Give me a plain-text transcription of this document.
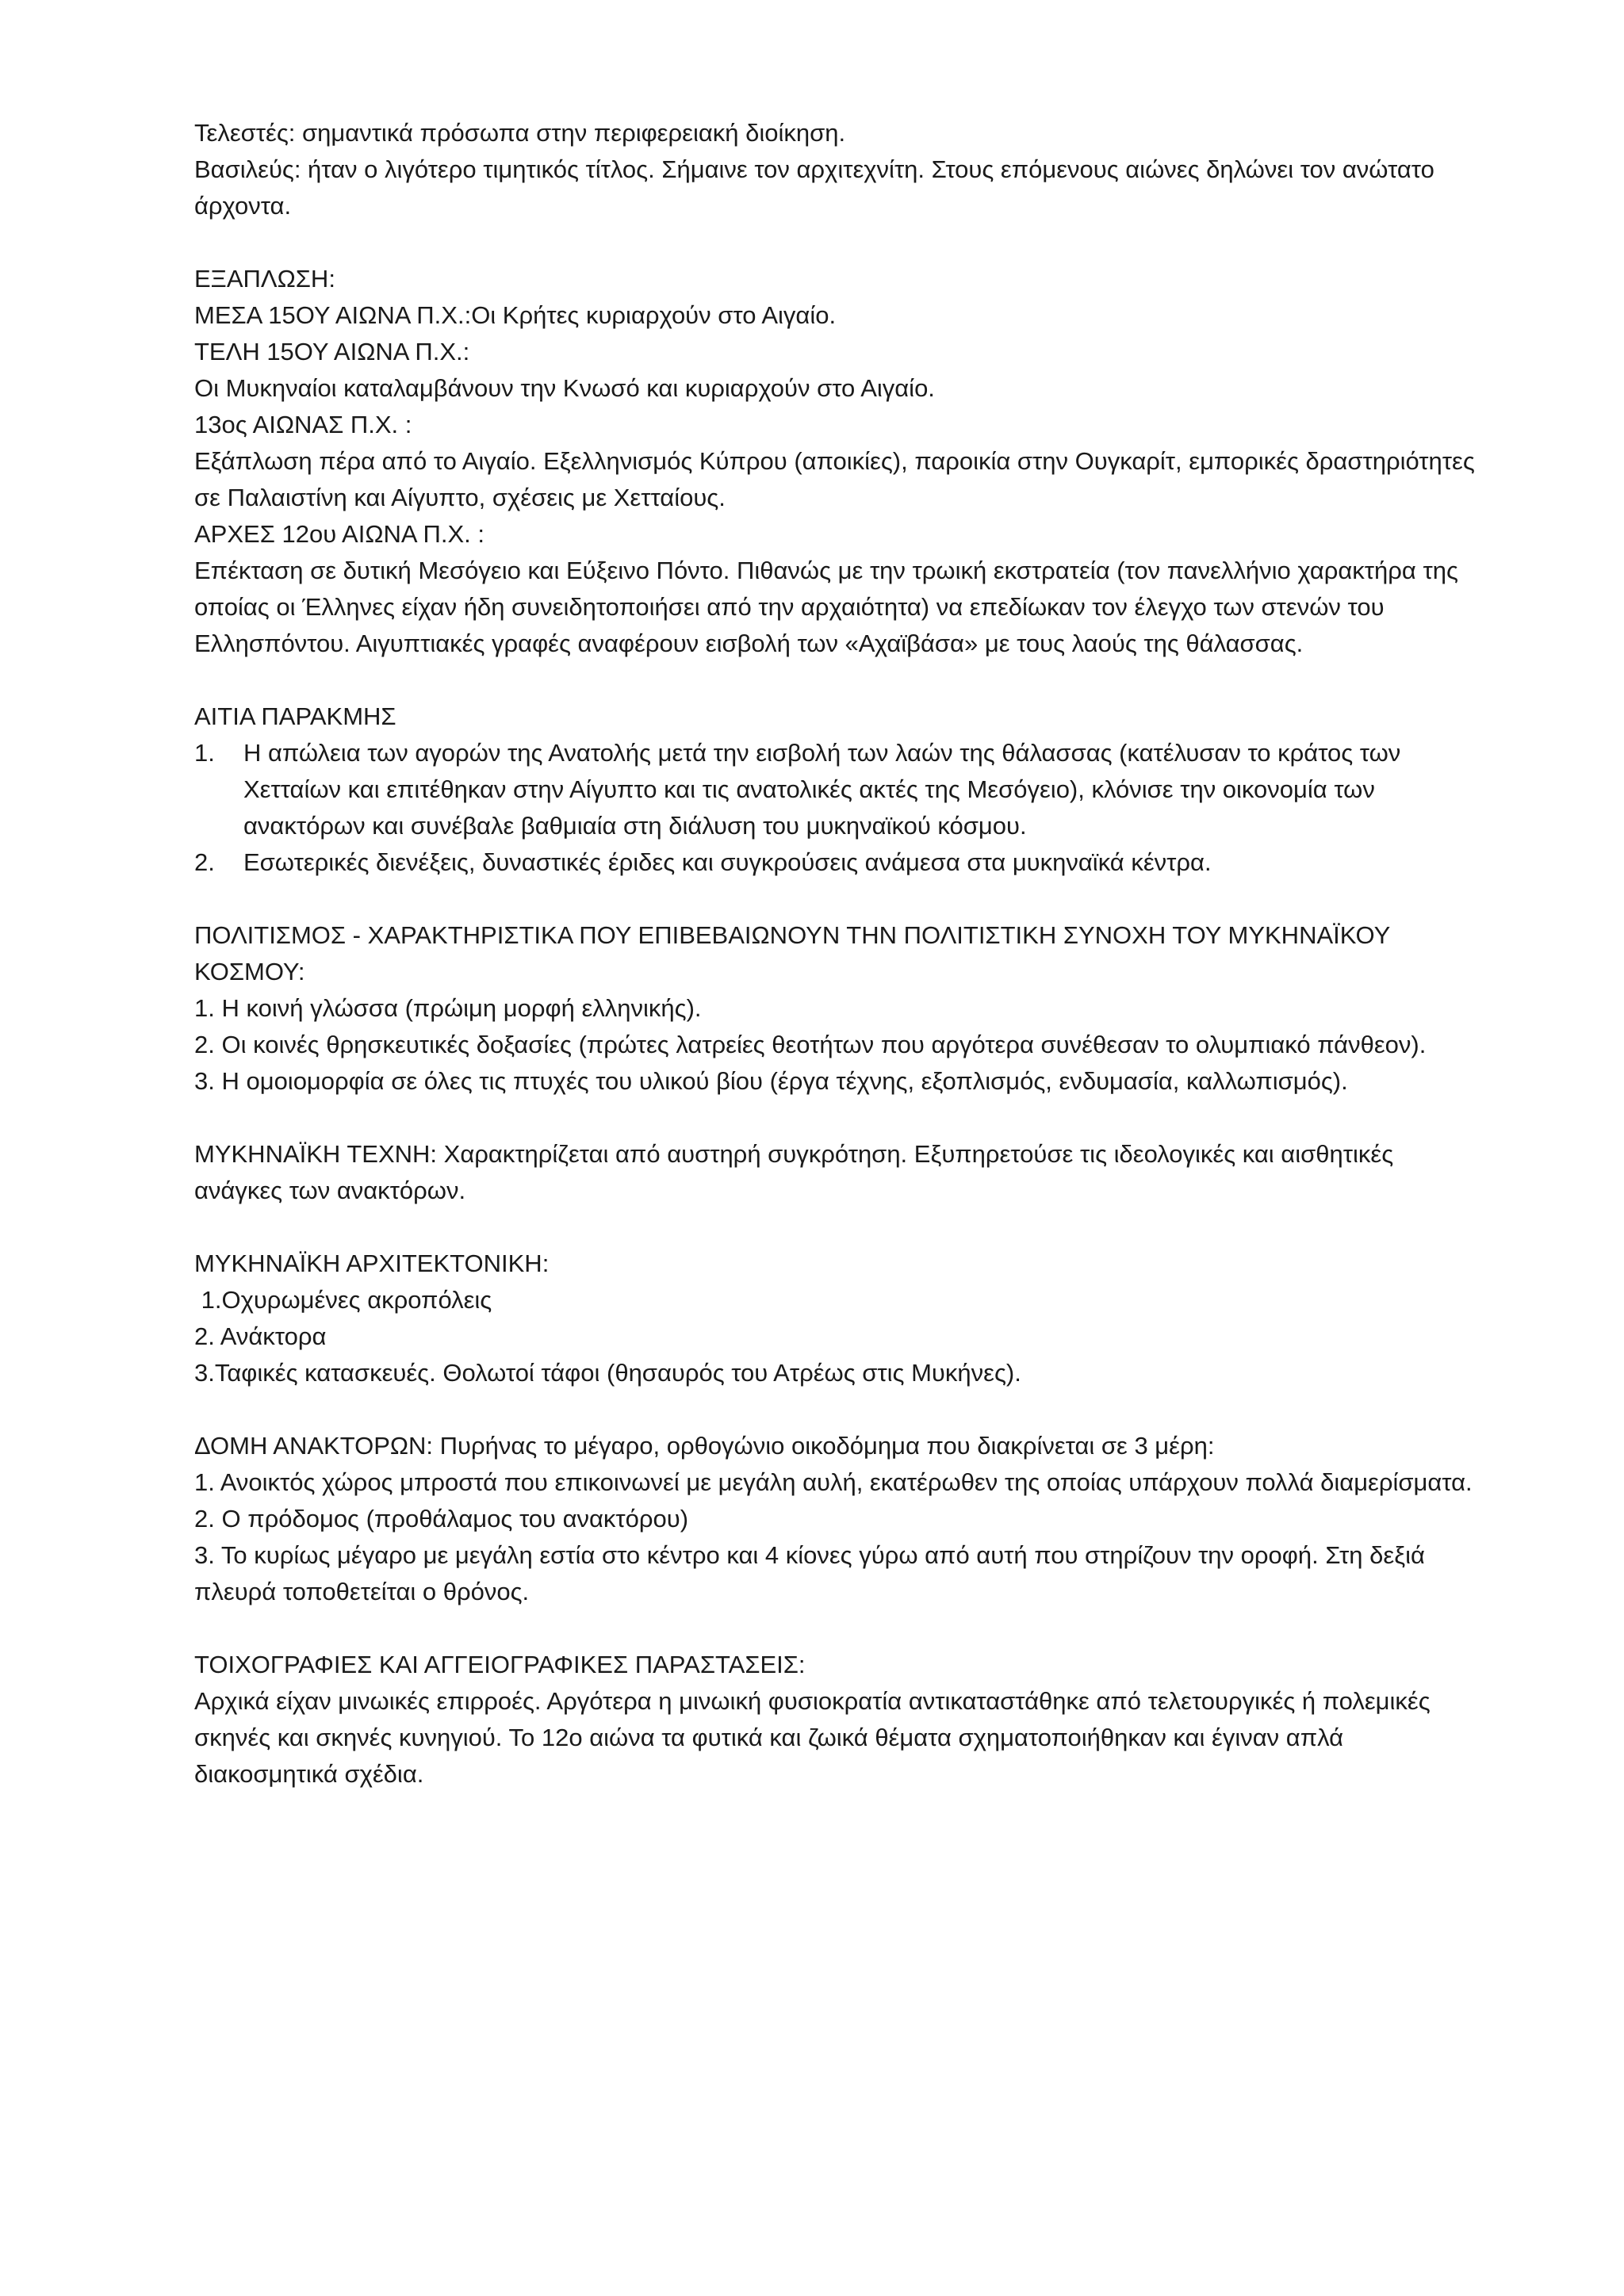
Τελεστές: σημαντικά πρόσωπα στην περιφερειακή διοίκηση.

Βασιλεύς: ήταν ο λιγότερο τιμητικός τίτλος. Σήμαινε τον αρχιτεχνίτη. Στους επόμενους αιώνες δηλώνει τον ανώτατο άρχοντα.

ΕΞΑΠΛΩΣΗ:

ΜΕΣΑ 15ΟΥ ΑΙΩΝΑ Π.Χ.:Οι Κρήτες κυριαρχούν στο Αιγαίο.

ΤΕΛΗ 15ΟΥ ΑΙΩΝΑ Π.Χ.:

Οι Μυκηναίοι καταλαμβάνουν την Κνωσό και κυριαρχούν στο Αιγαίο.

13ος ΑΙΩΝΑΣ Π.Χ. :

Εξάπλωση πέρα από το Αιγαίο. Εξελληνισμός Κύπρου (αποικίες), παροικία στην Ουγκαρίτ, εμπορικές δραστηριότητες σε Παλαιστίνη και Αίγυπτο, σχέσεις με Χετταίους.

ΑΡΧΕΣ 12ου ΑΙΩΝΑ Π.Χ. :

Επέκταση σε δυτική Μεσόγειο και Εύξεινο Πόντο. Πιθανώς με την τρωική εκστρατεία (τον πανελλήνιο χαρακτήρα της οποίας οι Έλληνες είχαν ήδη συνειδητοποιήσει από την αρχαιότητα) να επεδίωκαν τον έλεγχο των στενών του Ελλησπόντου. Αιγυπτιακές γραφές αναφέρουν εισβολή των «Αχαϊβάσα» με τους λαούς της θάλασσας.

ΑΙΤΙΑ ΠΑΡΑΚΜΗΣ

1.	Η απώλεια των αγορών της Ανατολής μετά την εισβολή των λαών της θάλασσας (κατέλυσαν το κράτος των Χετταίων και επιτέθηκαν στην Αίγυπτο και τις ανατολικές ακτές της Μεσόγειο), κλόνισε την οικονομία των ανακτόρων και συνέβαλε βαθμιαία στη διάλυση του μυκηναϊκού κόσμου.
2.	Εσωτερικές διενέξεις, δυναστικές έριδες και συγκρούσεις ανάμεσα στα μυκηναϊκά κέντρα.

ΠΟΛΙΤΙΣΜΟΣ - ΧΑΡΑΚΤΗΡΙΣΤΙΚΑ ΠΟΥ ΕΠΙΒΕΒΑΙΩΝΟΥΝ ΤΗΝ ΠΟΛΙΤΙΣΤΙΚΗ ΣΥΝΟΧΗ ΤΟΥ ΜΥΚΗΝΑΪΚΟΥ ΚΟΣΜΟΥ:

1. Η κοινή γλώσσα (πρώιμη μορφή ελληνικής).

2. Οι κοινές θρησκευτικές δοξασίες (πρώτες λατρείες θεοτήτων που αργότερα συνέθεσαν το ολυμπιακό πάνθεον).

3. Η ομοιομορφία σε όλες τις πτυχές του υλικού βίου (έργα τέχνης, εξοπλισμός, ενδυμασία, καλλωπισμός).

ΜΥΚΗΝΑΪΚΗ ΤΕΧΝΗ: Χαρακτηρίζεται από αυστηρή συγκρότηση. Εξυπηρετούσε τις ιδεολογικές και αισθητικές ανάγκες των ανακτόρων.

ΜΥΚΗΝΑΪΚΗ ΑΡΧΙΤΕΚΤΟΝΙΚΗ:

1.Οχυρωμένες ακροπόλεις

2. Ανάκτορα

3.Ταφικές κατασκευές. Θολωτοί τάφοι (θησαυρός του Ατρέως στις Μυκήνες).

ΔΟΜΗ ΑΝΑΚΤΟΡΩΝ: Πυρήνας το μέγαρο, ορθογώνιο οικοδόμημα που διακρίνεται σε 3 μέρη:

1. Ανοικτός χώρος μπροστά που επικοινωνεί με μεγάλη αυλή, εκατέρωθεν της οποίας υπάρχουν πολλά διαμερίσματα.

2. Ο πρόδομος (προθάλαμος του ανακτόρου)

3. Το κυρίως μέγαρο με μεγάλη εστία στο κέντρο και 4 κίονες γύρω από αυτή που στηρίζουν την οροφή. Στη δεξιά πλευρά τοποθετείται ο θρόνος.

ΤΟΙΧΟΓΡΑΦΙΕΣ ΚΑΙ ΑΓΓΕΙΟΓΡΑΦΙΚΕΣ ΠΑΡΑΣΤΑΣΕΙΣ:

Αρχικά είχαν μινωικές επιρροές. Αργότερα η μινωική φυσιοκρατία αντικαταστάθηκε από τελετουργικές ή πολεμικές σκηνές και σκηνές κυνηγιού. Το 12ο αιώνα τα φυτικά και ζωικά θέματα σχηματοποιήθηκαν και έγιναν απλά διακοσμητικά σχέδια.
